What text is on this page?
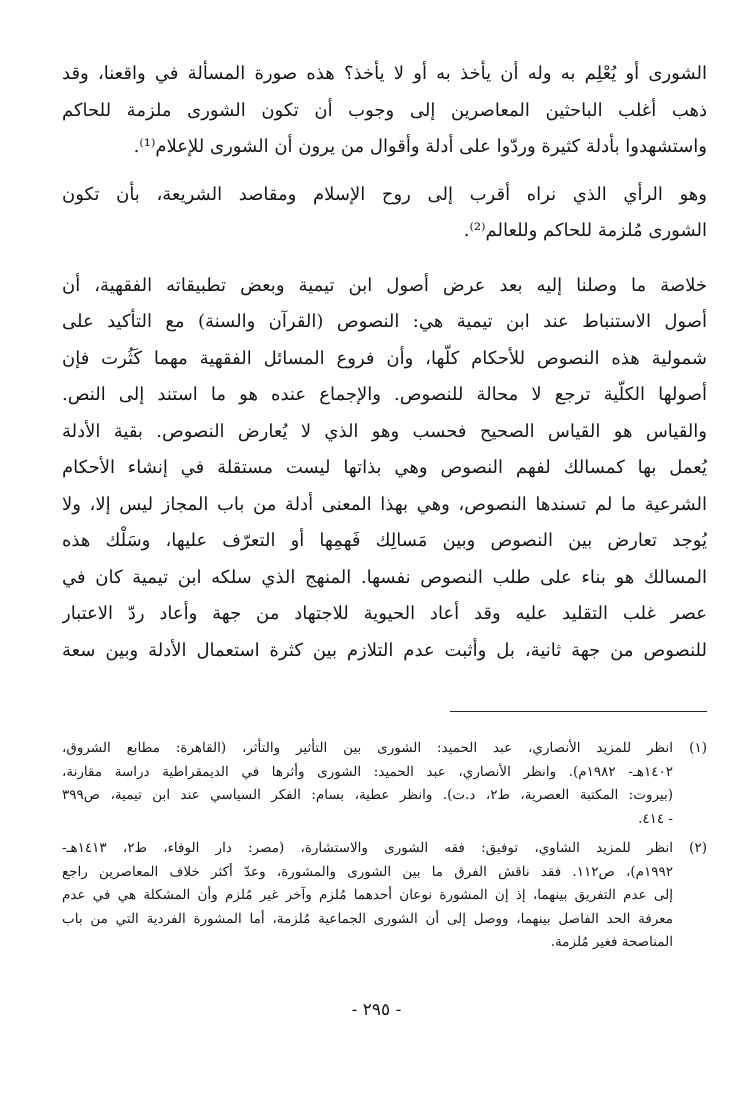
الشورى أو يُعْلِم به وله أن يأخذ به أو لا يأخذ؟ هذه صورة المسألة في واقعنا، وقد
ذهب أغلب الباحثين المعاصرين إلى وجوب أن تكون الشورى ملزمة للحاكم
واستشهدوا بأدلة كثيرة وردّوا على أدلة وأقوال من يرون أن الشورى للإعلام⁽¹⁾.

وهو الرأي الذي نراه أقرب إلى روح الإسلام ومقاصد الشريعة، بأن تكون
الشورى مُلزمة للحاكم وللعالم⁽²⁾.

خلاصة ما وصلنا إليه بعد عرض أصول ابن تيمية وبعض تطبيقاته الفقهية، أن
أصول الاستنباط عند ابن تيمية هي: النصوص (القرآن والسنة) مع التأكيد على
شمولية هذه النصوص للأحكام كلّها، وأن فروع المسائل الفقهية مهما كَثُرت فإن
أصولها الكلّية ترجع لا محالة للنصوص. والإجماع عنده هو ما استند إلى النص.
والقياس هو القياس الصحيح فحسب وهو الذي لا يُعارض النصوص. بقية الأدلة
يُعمل بها كمسالك لفهم النصوص وهي بذاتها ليست مستقلة في إنشاء الأحكام
الشرعية ما لم تسندها النصوص، وهي بهذا المعنى أدلة من باب المجاز ليس إلا، ولا
يُوجد تعارض بين النصوص وبين مَسالِك فَهمِها أو التعرّف عليها، وسَلْك هذه
المسالك هو بناء على طلب النصوص نفسها. المنهج الذي سلكه ابن تيمية كان في
عصر غلب التقليد عليه وقد أعاد الحيوية للاجتهاد من جهة وأعاد ردّ الاعتبار
للنصوص من جهة ثانية، بل وأثبت عدم التلازم بين كثرة استعمال الأدلة وبين سعة

(١)
انظر للمزيد الأنصاري، عبد الحميد: الشورى بين التأثير والتأثر، (القاهرة: مطابع الشروق،
١٤٠٢هـ- ١٩٨٢م). وانظر الأنصاري، عبد الحميد: الشورى وأثرها في الديمقراطية دراسة مقارنة،
(بيروت: المكتبة العصرية، ط٢، د.ت). وانظر عطية، بسام: الفكر السياسي عند ابن تيمية، ص٣٩٩
- ٤١٤.
(٢)
انظر للمزيد الشاوي، توفيق: فقه الشورى والاستشارة، (مصر: دار الوفاء، ط٢، ١٤١٣هـ-
١٩٩٢م)، ص١١٢. فقد ناقش الفرق ما بين الشورى والمشورة، وعدّ أكثر خلاف المعاصرين راجع
إلى عدم التفريق بينهما، إذ إن المشورة نوعان أحدهما مُلزم وآخر غير مُلزم وأن المشكلة هي في عدم
معرفة الحد الفاصل بينهما، ووصل إلى أن الشورى الجماعية مُلزمة، أما المشورة الفردية التي من باب
المناصحة فغير مُلزمة.
- ٢٩٥ -
